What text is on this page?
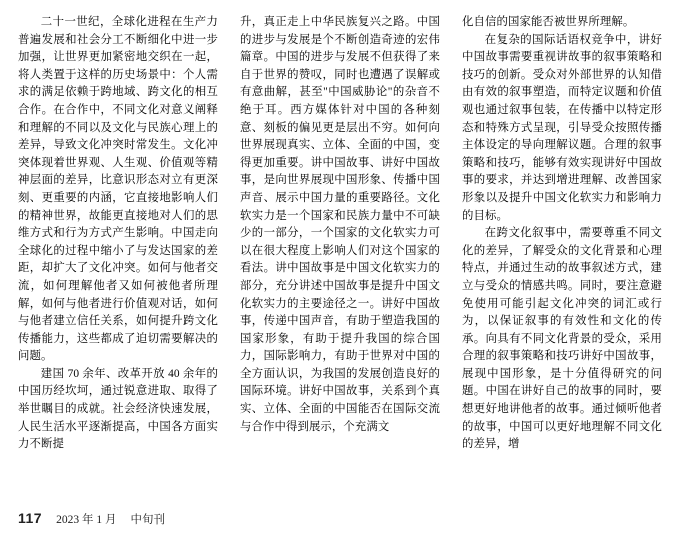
二十一世纪，全球化进程在生产力普遍发展和社会分工不断细化中进一步加强，让世界更加紧密地交织在一起，将人类置于这样的历史场景中：个人需求的满足依赖于跨地域、跨文化的相互合作。在合作中，不同文化对意义阐释和理解的不同以及文化与民族心理上的差异，导致文化冲突时常发生。文化冲突体现着世界观、人生观、价值观等精神层面的差异，比意识形态对立有更深刻、更重要的内涵，它直接地影响人们的精神世界，故能更直接地对人们的思维方式和行为方式产生影响。中国走向全球化的过程中缩小了与发达国家的差距，却扩大了文化冲突。如何与他者交流，如何理解他者又如何被他者所理解，如何与他者进行价值观对话，如何与他者建立信任关系，如何提升跨文化传播能力，这些都成了迫切需要解决的问题。

建国 70 余年、改革开放 40 余年的中国历经坎坷，通过锐意进取、取得了举世瞩目的成就。社会经济快速发展，人民生活水平逐渐提高，中国各方面实力不断提

升，真正走上中华民族复兴之路。中国的进步与发展是个不断创造奇迹的宏伟篇章。中国的进步与发展不但获得了来自于世界的赞叹，同时也遭遇了误解或有意曲解，甚至"中国威胁论"的杂音不绝于耳。西方媒体针对中国的各种刻意、刻板的偏见更是层出不穷。如何向世界展现真实、立体、全面的中国，变得更加重要。讲中国故事、讲好中国故事，是向世界展现中国形象、传播中国声音、展示中国力量的重要路径。文化软实力是一个国家和民族力量中不可缺少的一部分，一个国家的文化软实力可以在很大程度上影响人们对这个国家的看法。讲中国故事是中国文化软实力的部分，充分讲述中国故事是提升中国文化软实力的主要途径之一。讲好中国故事，传递中国声音，有助于塑造我国的国家形象，有助于提升我国的综合国力，国际影响力，有助于世界对中国的全方面认识，为我国的发展创造良好的国际环境。讲好中国故事，关系到个真实、立体、全面的中国能否在国际交流与合作中得到展示，个充满文

化自信的国家能否被世界所理解。

在复杂的国际话语权竞争中，讲好中国故事需要重视讲故事的叙事策略和技巧的创新。受众对外部世界的认知借由有效的叙事塑造，而特定议题和价值观也通过叙事包装，在传播中以特定形态和特殊方式呈现，引导受众按照传播主体设定的导向理解议题。合理的叙事策略和技巧，能够有效实现讲好中国故事的要求，并达到增进理解、改善国家形象以及提升中国文化软实力和影响力的目标。

在跨文化叙事中，需要尊重不同文化的差异，了解受众的文化背景和心理特点，并通过生动的故事叙述方式，建立与受众的情感共鸣。同时，要注意避免使用可能引起文化冲突的词汇或行为，以保证叙事的有效性和文化的传承。向具有不同文化背景的受众，采用合理的叙事策略和技巧讲好中国故事，展现中国形象，是十分值得研究的问题。中国在讲好自己的故事的同时，要想更好地讲他者的故事。通过倾听他者的故事，中国可以更好地理解不同文化的差异，增

117 2023 年 1 月 中旬刊
